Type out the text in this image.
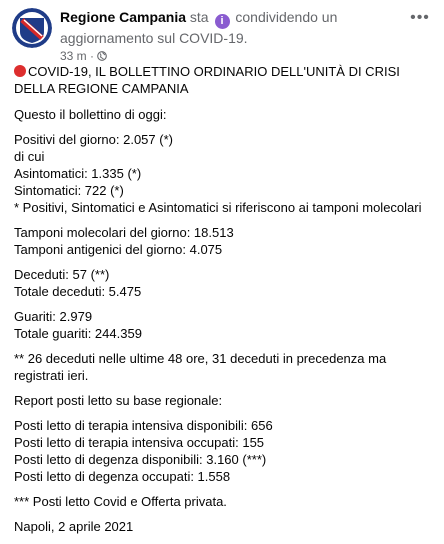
Regione Campania sta i condividendo un aggiornamento sul COVID-19.
33 m ·
•••
COVID-19, IL BOLLETTINO ORDINARIO DELL'UNITÀ DI CRISI DELLA REGIONE CAMPANIA
Questo il bollettino di oggi:
Positivi del giorno: 2.057 (*)
di cui
Asintomatici: 1.335 (*)
Sintomatici: 722 (*)
* Positivi, Sintomatici e Asintomatici si riferiscono ai tamponi molecolari
Tamponi molecolari del giorno: 18.513
Tamponi antigenici del giorno: 4.075
Deceduti: 57 (**)
Totale deceduti: 5.475
Guariti: 2.979
Totale guariti: 244.359
** 26 deceduti nelle ultime 48 ore, 31 deceduti in precedenza ma registrati ieri.
Report posti letto su base regionale:
Posti letto di terapia intensiva disponibili: 656
Posti letto di terapia intensiva occupati: 155
Posti letto di degenza disponibili: 3.160 (***)
Posti letto di degenza occupati: 1.558
*** Posti letto Covid e Offerta privata.
Napoli, 2 aprile 2021
